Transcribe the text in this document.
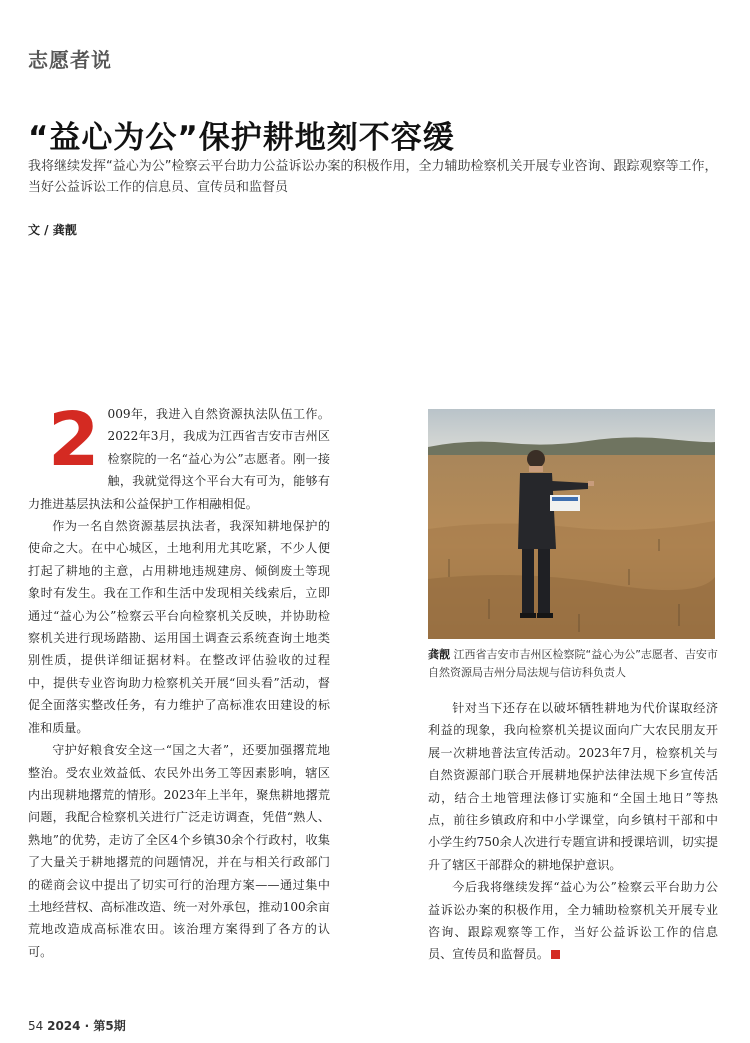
志愿者说
“益心为公”保护耕地刻不容缓
我将继续发挥“益心为公”检察云平台助力公益诉讼办案的积极作用，全力辅助检察机关开展专业咨询、跟踪观察等工作，当好公益诉讼工作的信息员、宣传员和监督员
文 / 龚靓
2 009年，我进入自然资源执法队伍工作。2022年3月，我成为江西省吉安市吉州区检察院的一名“益心为公”志愿者。刚一接触，我就觉得这个平台大有可为，能够有力推进基层执法和公益保护工作相融相促。

作为一名自然资源基层执法者，我深知耕地保护的使命之大。在中心城区，土地利用尤其吃紧，不少人便打起了耕地的主意，占用耕地违规建房、倾倒废土等现象时有发生。我在工作和生活中发现相关线索后，立即通过“益心为公”检察云平台向检察机关反映，并协助检察机关进行现场踏勘、运用国土调查云系统查询土地类别性质，提供详细证据材料。在整改评估验收的过程中，提供专业咨询助力检察机关开展“回头看”活动，督促全面落实整改任务，有力维护了高标准农田建设的标准和质量。

守护好粮食安全这一“国之大者”，还要加强撂荒地整治。受农业效益低、农民外出务工等因素影响，辖区内出现耕地撂荒的情形。2023年上半年，聚焦耕地撂荒问题，我配合检察机关进行广泛走访调查，凭借“熟人、熟地”的优势，走访了全区4个乡镇30余个行政村，收集了大量关于耕地撂荒的问题情况，并在与相关行政部门的磋商会议中提出了切实可行的治理方案——通过集中土地经营权、高标准改造、统一对外承包，推动100余亩荒地改造成高标准农田。该治理方案得到了各方的认可。

龚靓 江西省吉安市吉州区检察院“益心为公”志愿者、吉安市自然资源局吉州分局法规与信访科负责人

针对当下还存在以破坏牺牲耕地为代价谋取经济利益的现象，我向检察机关提议面向广大农民朋友开展一次耕地普法宣传活动。2023年7月，检察机关与自然资源部门联合开展耕地保护法律法规下乡宣传活动，结合土地管理法修订实施和“全国土地日”等热点，前往乡镇政府和中小学课堂，向乡镇村干部和中小学生约750余人次进行专题宣讲和授课培训，切实提升了辖区干部群众的耕地保护意识。

今后我将继续发挥“益心为公”检察云平台助力公益诉讼办案的积极作用，全力辅助检察机关开展专业咨询、跟踪观察等工作，当好公益诉讼工作的信息员、宣传员和监督员。

54 2024 · 第5期
